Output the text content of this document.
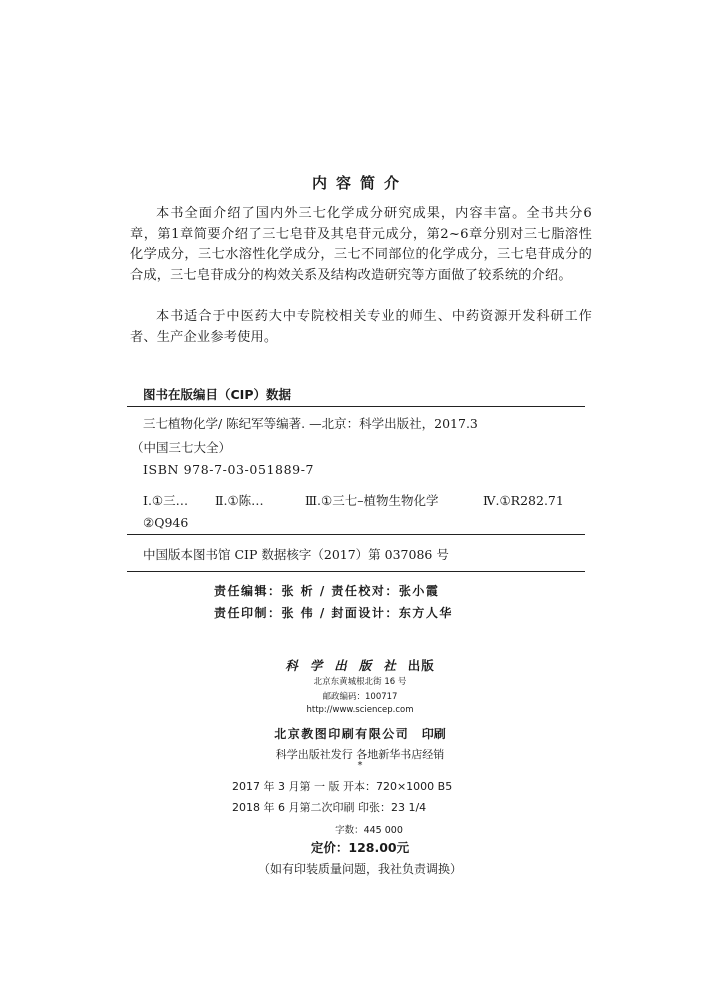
内容简介
本书全面介绍了国内外三七化学成分研究成果，内容丰富。全书共分6章，第1章简要介绍了三七皂苷及其皂苷元成分，第2~6章分别对三七脂溶性化学成分，三七水溶性化学成分，三七不同部位的化学成分，三七皂苷成分的合成，三七皂苷成分的构效关系及结构改造研究等方面做了较系统的介绍。
本书适合于中医药大中专院校相关专业的师生、中药资源开发科研工作者、生产企业参考使用。
图书在版编目（CIP）数据
三七植物化学/ 陈纪军等编著. —北京：科学出版社，2017.3
（中国三七大全）
ISBN 978-7-03-051889-7
Ⅰ.①三… Ⅱ.①陈…	Ⅲ.①三七–植物生物化学	Ⅳ.①R282.71
②Q946
中国版本图书馆 CIP 数据核字（2017）第 037086 号
责任编辑：张 析 / 责任校对：张小霞
责任印制：张 伟 / 封面设计：东方人华
科学出版社出版
北京东黄城根北街 16 号
邮政编码：100717
http://www.sciencep.com
北京教图印刷有限公司 印刷
科学出版社发行 各地新华书店经销
*
2017 年 3 月第 一 版 开本：720×1000 B5
2018 年 6 月第二次印刷 印张：23 1/4
字数：445 000
定价：128.00元
（如有印装质量问题，我社负责调换）
